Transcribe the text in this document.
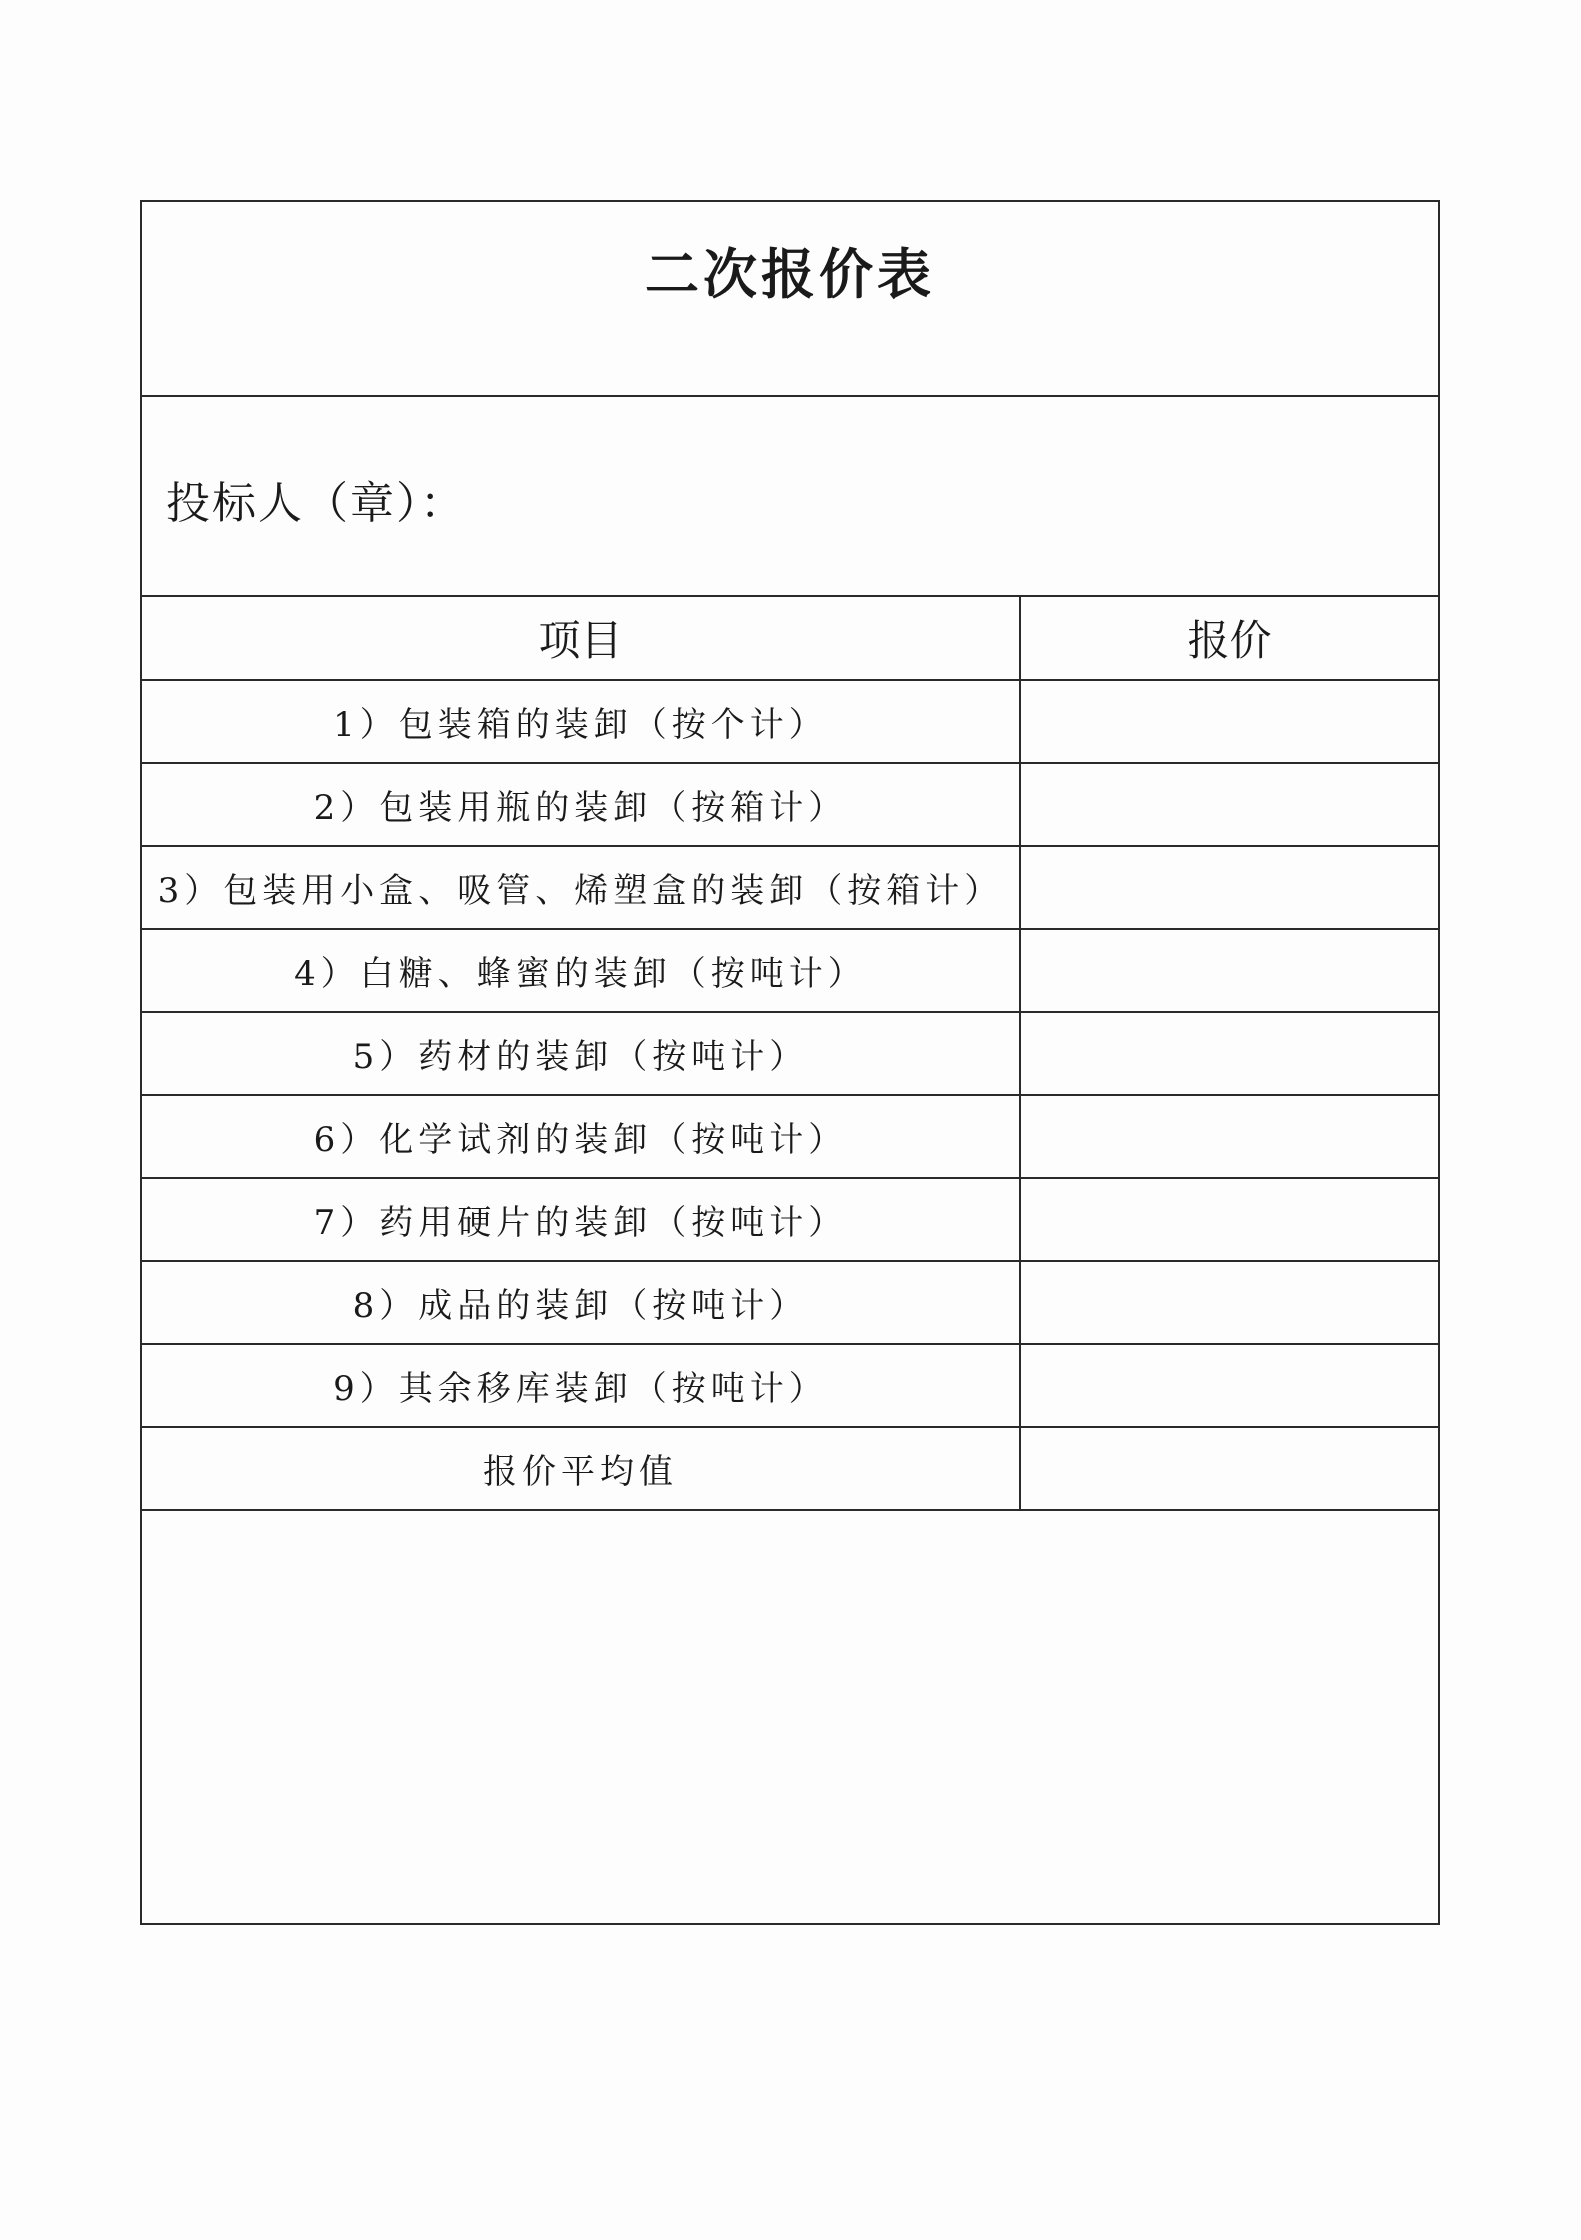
二次报价表
投标人（章）：
项目	报价
1）包装箱的装卸（按个计）	
2）包装用瓶的装卸（按箱计）	
3）包装用小盒、吸管、烯塑盒的装卸（按箱计）	
4）白糖、蜂蜜的装卸（按吨计）	
5）药材的装卸（按吨计）	
6）化学试剂的装卸（按吨计）	
7）药用硬片的装卸（按吨计）	
8）成品的装卸（按吨计）	
9）其余移库装卸（按吨计）	
报价平均值	
